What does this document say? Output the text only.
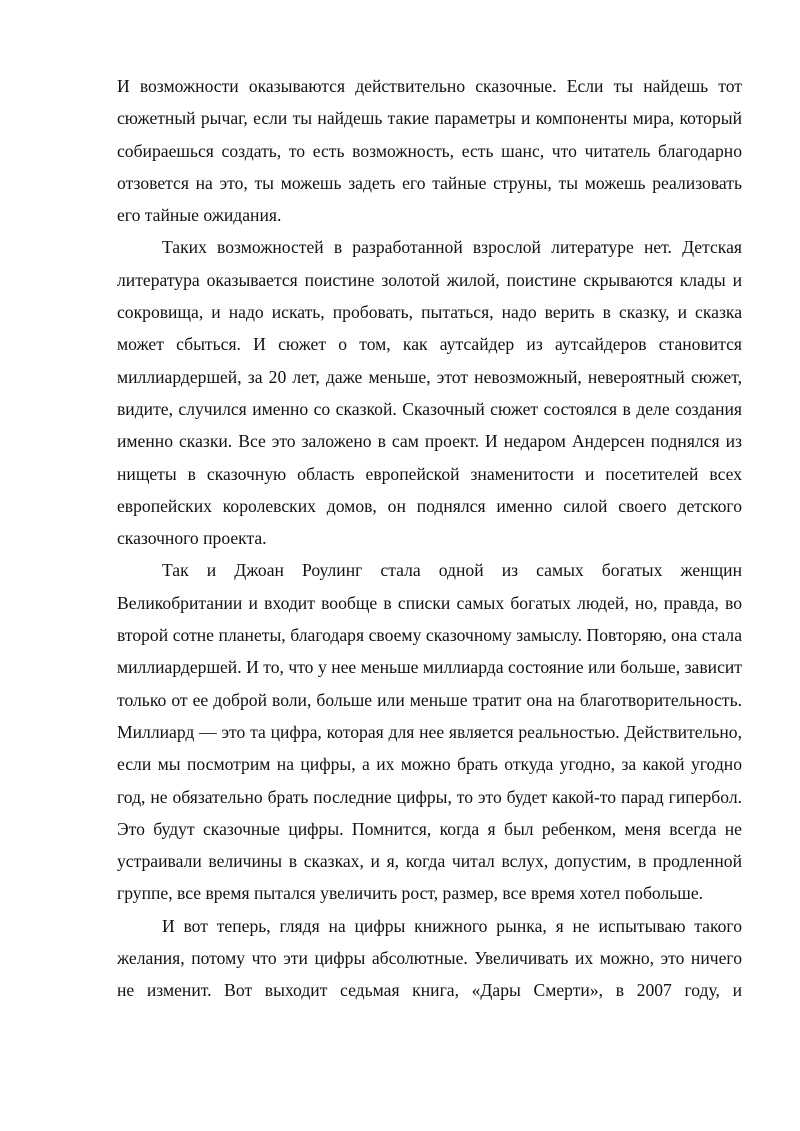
И возможности оказываются действительно сказочные. Если ты найдешь тот сюжетный рычаг, если ты найдешь такие параметры и компоненты мира, который собираешься создать, то есть возможность, есть шанс, что читатель благодарно отзовется на это, ты можешь задеть его тайные струны, ты можешь реализовать его тайные ожидания.

Таких возможностей в разработанной взрослой литературе нет. Детская литература оказывается поистине золотой жилой, поистине скрываются клады и сокровища, и надо искать, пробовать, пытаться, надо верить в сказку, и сказка может сбыться. И сюжет о том, как аутсайдер из аутсайдеров становится миллиардершей, за 20 лет, даже меньше, этот невозможный, невероятный сюжет, видите, случился именно со сказкой. Сказочный сюжет состоялся в деле создания именно сказки. Все это заложено в сам проект. И недаром Андерсен поднялся из нищеты в сказочную область европейской знаменитости и посетителей всех европейских королевских домов, он поднялся именно силой своего детского сказочного проекта.

Так и Джоан Роулинг стала одной из самых богатых женщин Великобритании и входит вообще в списки самых богатых людей, но, правда, во второй сотне планеты, благодаря своему сказочному замыслу. Повторяю, она стала миллиардершей. И то, что у нее меньше миллиарда состояние или больше, зависит только от ее доброй воли, больше или меньше тратит она на благотворительность. Миллиард — это та цифра, которая для нее является реальностью. Действительно, если мы посмотрим на цифры, а их можно брать откуда угодно, за какой угодно год, не обязательно брать последние цифры, то это будет какой-то парад гипербол. Это будут сказочные цифры. Помнится, когда я был ребенком, меня всегда не устраивали величины в сказках, и я, когда читал вслух, допустим, в продленной группе, все время пытался увеличить рост, размер, все время хотел побольше.

И вот теперь, глядя на цифры книжного рынка, я не испытываю такого желания, потому что эти цифры абсолютные. Увеличивать их можно, это ничего не изменит. Вот выходит седьмая книга, «Дары Смерти», в 2007 году, и
